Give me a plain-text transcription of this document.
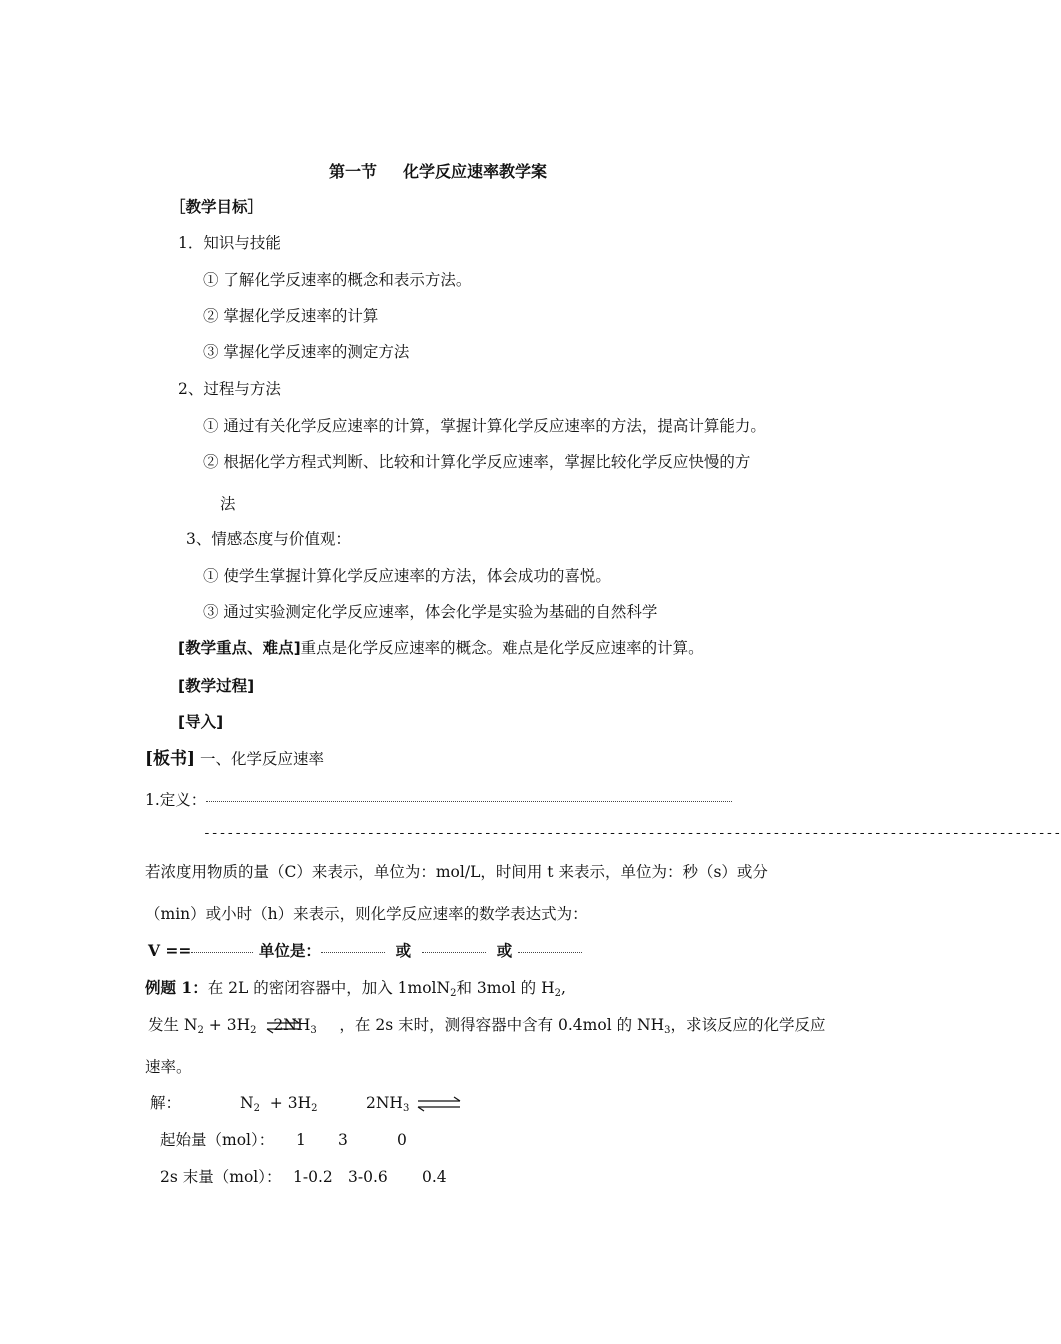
第一节 化学反应速率教学案
［教学目标］
1．知识与技能
① 了解化学反速率的概念和表示方法。
② 掌握化学反速率的计算
③ 掌握化学反速率的测定方法
2、过程与方法
① 通过有关化学反应速率的计算，掌握计算化学反应速率的方法，提高计算能力。
② 根据化学方程式判断、比较和计算化学反应速率，掌握比较化学反应快慢的方
法
3、情感态度与价值观：
① 使学生掌握计算化学反应速率的方法，体会成功的喜悦。
③ 通过实验测定化学反应速率，体会化学是实验为基础的自然科学
[教学重点、难点]重点是化学反应速率的概念。难点是化学反应速率的计算。
[教学过程]
[导入]
[板书] 一、化学反应速率
1.定义：
--------------------------------------------------------------------------------------------------------------
若浓度用物质的量（C）来表示，单位为：mol/L，时间用 t 来表示，单位为：秒（s）或分
（min）或小时（h）来表示，则化学反应速率的数学表达式为：
V ==	单位是：	或	或
例题 1：在 2L 的密闭容器中，加入 1molN$_2$和 3mol 的 $H_2$,
发生 $N_2 + 3H_2$ $2NH_3$ ，在 2s 末时，测得容器中含有 0.4mol 的 $NH_3$，求该反应的化学反应
速率。
解：	$N_2 + 3H_2$	$2NH_3$
起始量（mol）： 1 3	0
2s 末量（mol）： 1-0.2 3-0.6 0.4
